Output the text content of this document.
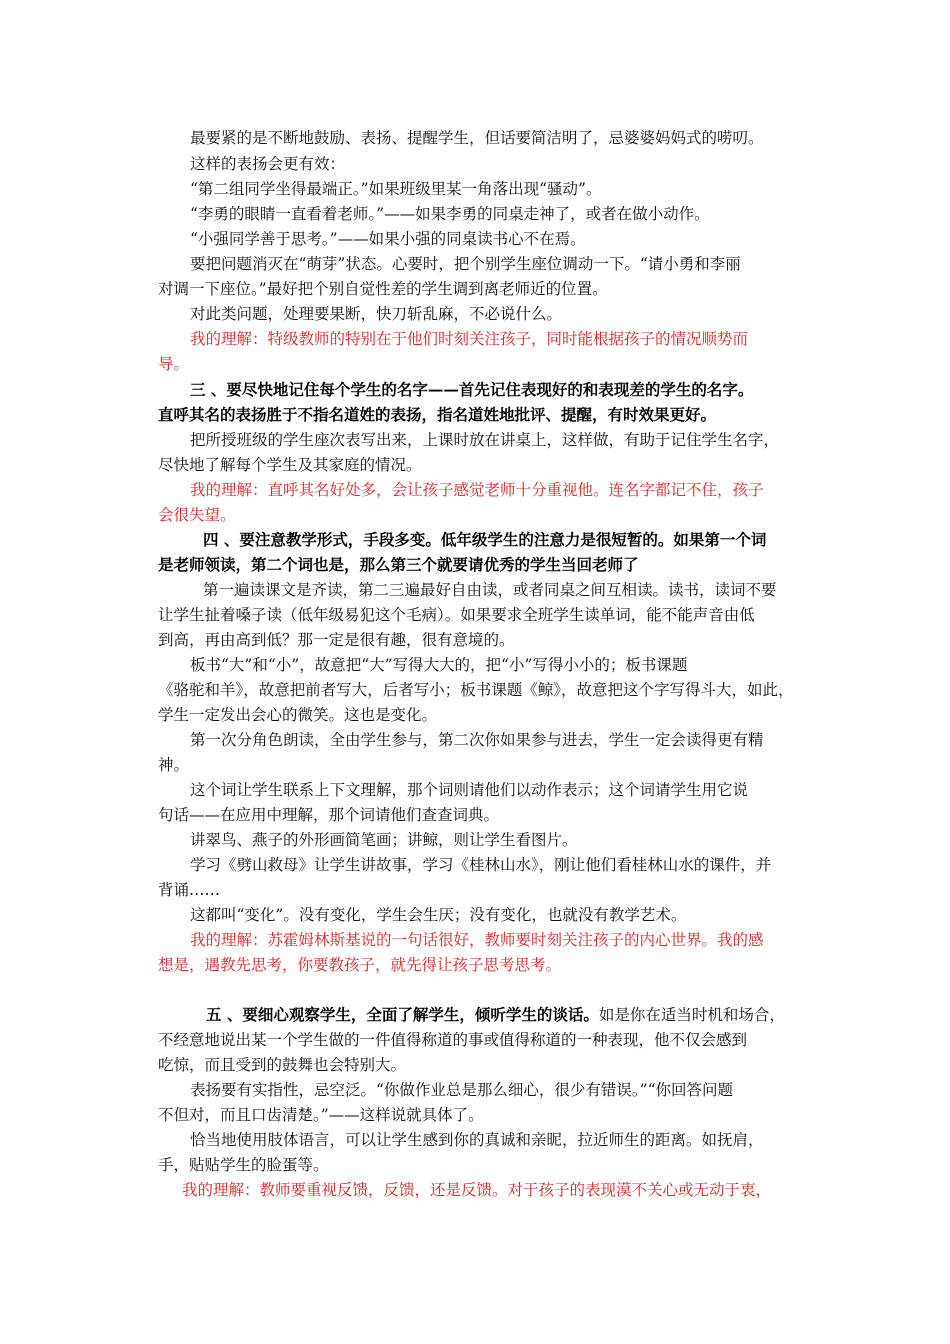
最要紧的是不断地鼓励、表扬、提醒学生，但话要简洁明了，忌婆婆妈妈式的唠叨。
这样的表扬会更有效：
“第二组同学坐得最端正。”如果班级里某一角落出现“骚动”。
“李勇的眼睛一直看着老师。”——如果李勇的同桌走神了，或者在做小动作。
“小强同学善于思考。”——如果小强的同桌读书心不在焉。
要把问题消灭在“萌芽”状态。心要时，把个别学生座位调动一下。“请小勇和李丽
对调一下座位。”最好把个别自觉性差的学生调到离老师近的位置。
对此类问题，处理要果断，快刀斩乱麻，不必说什么。
我的理解：特级教师的特别在于他们时刻关注孩子，同时能根据孩子的情况顺势而
导。
三 、要尽快地记住每个学生的名字——首先记住表现好的和表现差的学生的名字。
直呼其名的表扬胜于不指名道姓的表扬，指名道姓地批评、提醒，有时效果更好。
把所授班级的学生座次表写出来，上课时放在讲桌上，这样做，有助于记住学生名字，
尽快地了解每个学生及其家庭的情况。
我的理解：直呼其名好处多，会让孩子感觉老师十分重视他。连名字都记不住，孩子
会很失望。
四 、要注意教学形式，手段多变。低年级学生的注意力是很短暂的。如果第一个词
是老师领读，第二个词也是，那么第三个就要请优秀的学生当回老师了
第一遍读课文是齐读，第二三遍最好自由读，或者同桌之间互相读。读书，读词不要
让学生扯着嗓子读（低年级易犯这个毛病）。如果要求全班学生读单词，能不能声音由低
到高，再由高到低？那一定是很有趣，很有意境的。
板书“大”和“小”，故意把“大”写得大大的，把“小”写得小小的；板书课题
《骆驼和羊》，故意把前者写大，后者写小；板书课题《鲸》，故意把这个字写得斗大，如此，
学生一定发出会心的微笑。这也是变化。
第一次分角色朗读，全由学生参与，第二次你如果参与进去，学生一定会读得更有精
神。
这个词让学生联系上下文理解，那个词则请他们以动作表示；这个词请学生用它说
句话——在应用中理解，那个词请他们查查词典。
讲翠鸟、燕子的外形画简笔画；讲鲸，则让学生看图片。
学习《劈山救母》让学生讲故事，学习《桂林山水》，刚让他们看桂林山水的课件，并
背诵……
这都叫“变化”。没有变化，学生会生厌；没有变化，也就没有教学艺术。
我的理解：苏霍姆林斯基说的一句话很好，教师要时刻关注孩子的内心世界。我的感
想是，遇教先思考，你要教孩子，就先得让孩子思考思考。
五 、要细心观察学生，全面了解学生，倾听学生的谈话。如是你在适当时机和场合，
不经意地说出某一个学生做的一件值得称道的事或值得称道的一种表现，他不仅会感到
吃惊，而且受到的鼓舞也会特别大。
表扬要有实指性，忌空泛。“你做作业总是那么细心，很少有错误。”“你回答问题
不但对，而且口齿清楚。”——这样说就具体了。
恰当地使用肢体语言，可以让学生感到你的真诚和亲昵，拉近师生的距离。如抚肩，
手，贴贴学生的脸蛋等。
我的理解：教师要重视反馈，反馈，还是反馈。对于孩子的表现漠不关心或无动于衷，
